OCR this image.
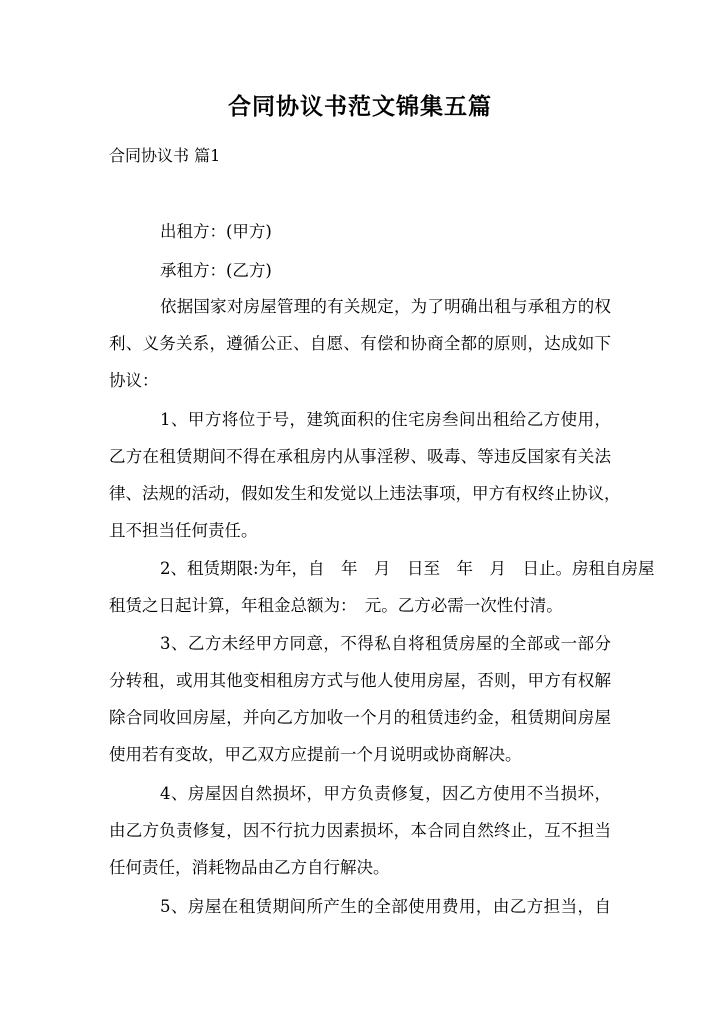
合同协议书范文锦集五篇
合同协议书 篇1
出租方：(甲方)
承租方：(乙方)
依据国家对房屋管理的有关规定，为了明确出租与承租方的权
利、义务关系，遵循公正、自愿、有偿和协商全都的原则，达成如下
协议：
1、甲方将位于号，建筑面积的住宅房叁间出租给乙方使用，
乙方在租赁期间不得在承租房内从事淫秽、吸毒、等违反国家有关法
律、法规的活动，假如发生和发觉以上违法事项，甲方有权终止协议，
且不担当任何责任。
2、租赁期限:为年，自　年　月　日至　年　月　日止。房租自房屋
租赁之日起计算，年租金总额为：　元。乙方必需一次性付清。
3、乙方未经甲方同意，不得私自将租赁房屋的全部或一部分
分转租，或用其他变相租房方式与他人使用房屋，否则，甲方有权解
除合同收回房屋，并向乙方加收一个月的租赁违约金，租赁期间房屋
使用若有变故，甲乙双方应提前一个月说明或协商解决。
4、房屋因自然损坏，甲方负责修复，因乙方使用不当损坏，
由乙方负责修复，因不行抗力因素损坏，本合同自然终止，互不担当
任何责任，消耗物品由乙方自行解决。
5、房屋在租赁期间所产生的全部使用费用，由乙方担当，自
